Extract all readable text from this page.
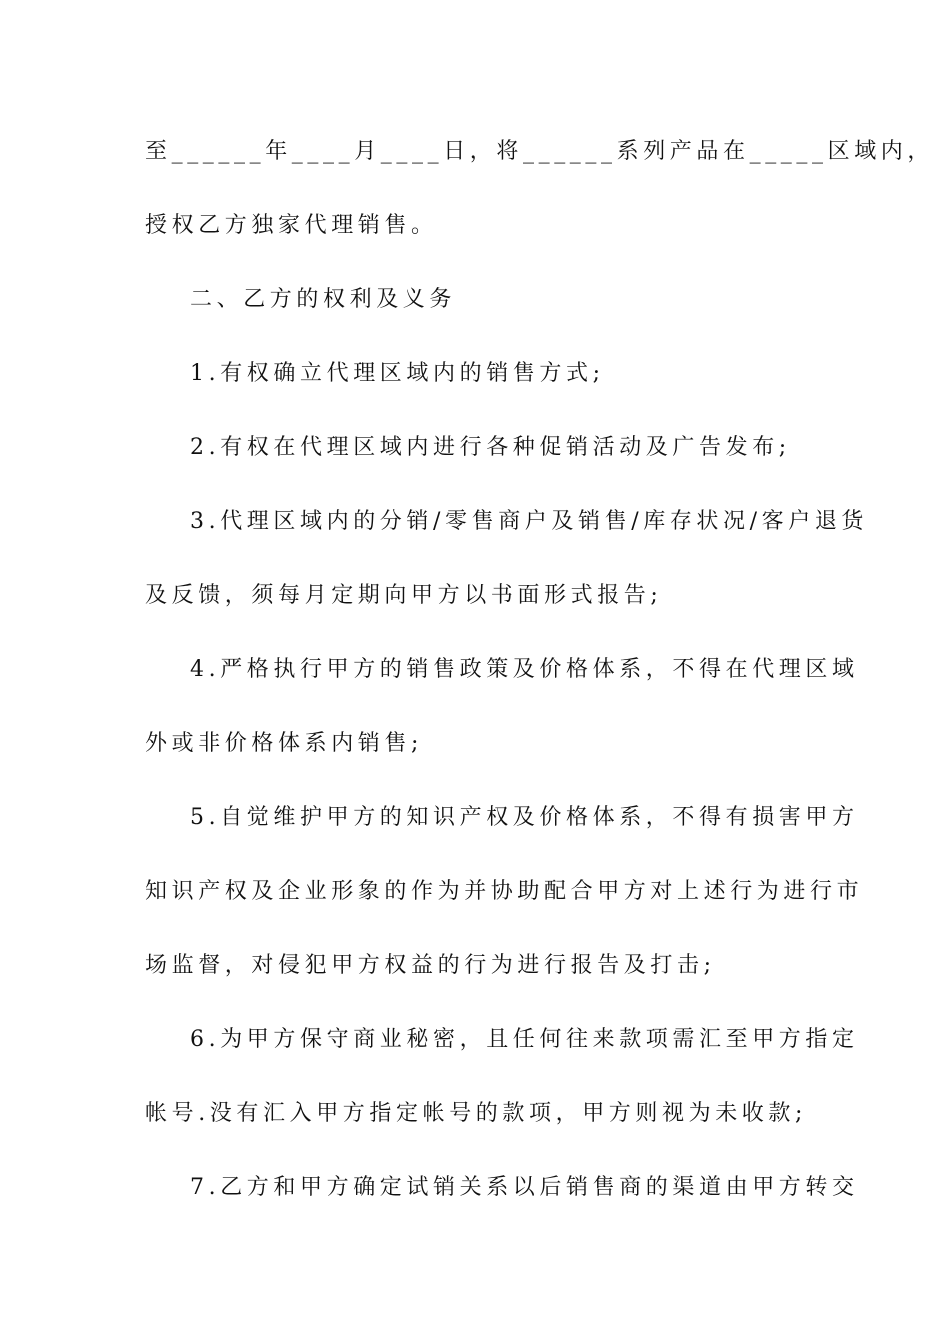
至______年____月____日，将______系列产品在_____区域内，
授权乙方独家代理销售。
二、乙方的权利及义务
1.有权确立代理区域内的销售方式;
2.有权在代理区域内进行各种促销活动及广告发布;
3.代理区域内的分销/零售商户及销售/库存状况/客户退货
及反馈，须每月定期向甲方以书面形式报告;
4.严格执行甲方的销售政策及价格体系，不得在代理区域
外或非价格体系内销售;
5.自觉维护甲方的知识产权及价格体系，不得有损害甲方
知识产权及企业形象的作为并协助配合甲方对上述行为进行市
场监督，对侵犯甲方权益的行为进行报告及打击;
6.为甲方保守商业秘密，且任何往来款项需汇至甲方指定
帐号.没有汇入甲方指定帐号的款项，甲方则视为未收款;
7.乙方和甲方确定试销关系以后销售商的渠道由甲方转交
